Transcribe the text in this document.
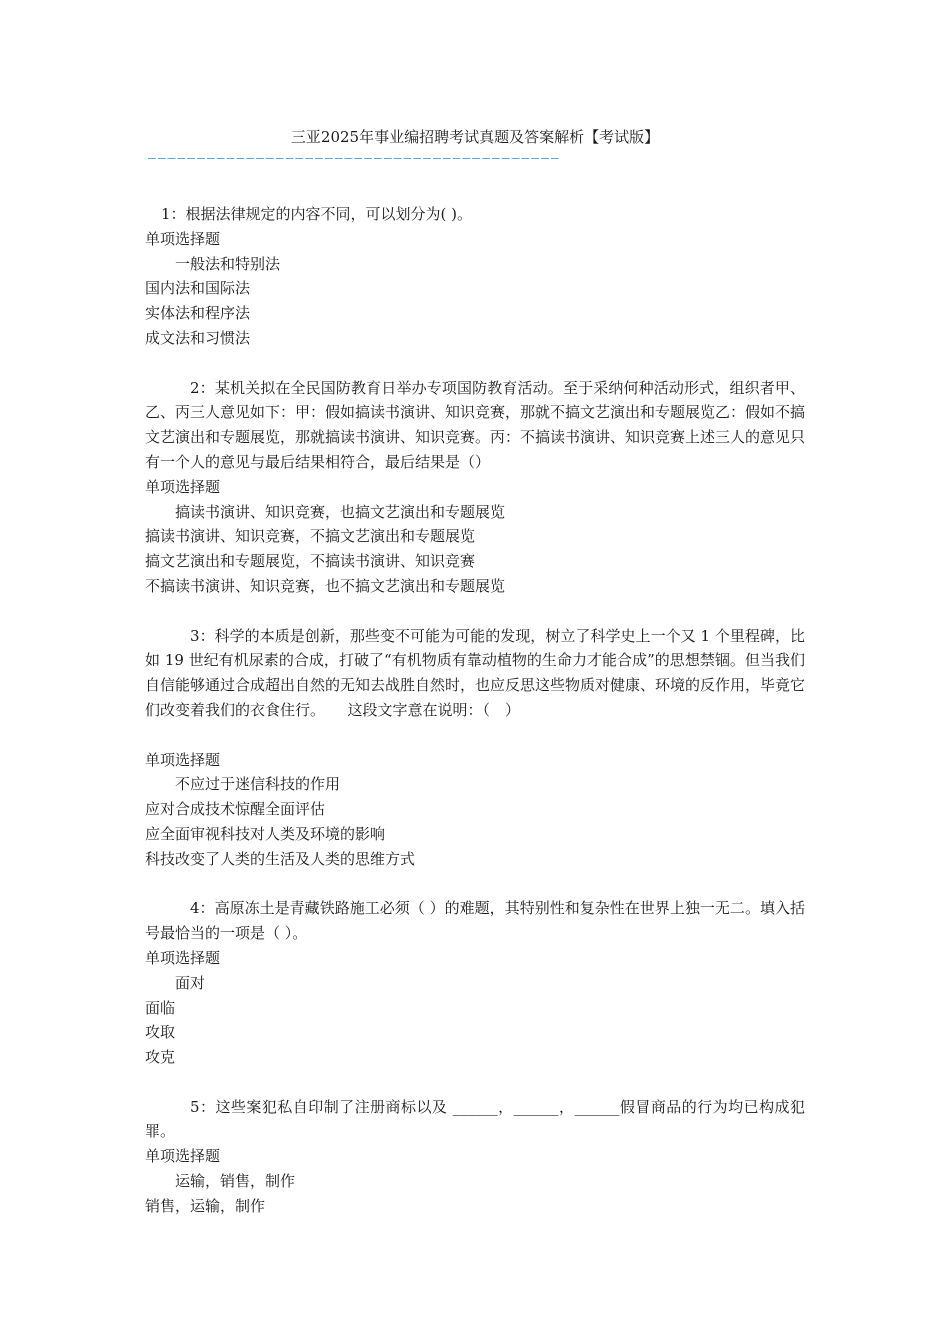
三亚2025年事业编招聘考试真题及答案解析【考试版】
——————————————————————————————————————————

1：根据法律规定的内容不同，可以划分为( )。

单项选择题

一般法和特别法

国内法和国际法

实体法和程序法

成文法和习惯法

2：某机关拟在全民国防教育日举办专项国防教育活动。至于采纳何种活动形式，组织者甲、乙、丙三人意见如下：甲：假如搞读书演讲、知识竞赛，那就不搞文艺演出和专题展览乙：假如不搞文艺演出和专题展览，那就搞读书演讲、知识竞赛。丙：不搞读书演讲、知识竞赛上述三人的意见只有一个人的意见与最后结果相符合，最后结果是（）

单项选择题

搞读书演讲、知识竞赛，也搞文艺演出和专题展览

搞读书演讲、知识竞赛，不搞文艺演出和专题展览

搞文艺演出和专题展览，不搞读书演讲、知识竞赛

不搞读书演讲、知识竞赛，也不搞文艺演出和专题展览

3：科学的本质是创新，那些变不可能为可能的发现，树立了科学史上一个又 1 个里程碑，比如 19 世纪有机尿素的合成，打破了“有机物质有靠动植物的生命力才能合成”的思想禁锢。但当我们自信能够通过合成超出自然的无知去战胜自然时，也应反思这些物质对健康、环境的反作用，毕竟它们改变着我们的衣食住行。　　这段文字意在说明：（　）

单项选择题

不应过于迷信科技的作用

应对合成技术惊醒全面评估

应全面审视科技对人类及环境的影响

科技改变了人类的生活及人类的思维方式

4：高原冻土是青藏铁路施工必须（ ）的难题，其特别性和复杂性在世界上独一无二。填入括号最恰当的一项是（ ）。

单项选择题

面对

面临

攻取

攻克

5：这些案犯私自印制了注册商标以及 ______，______，______假冒商品的行为均已构成犯罪。

单项选择题

运输，销售，制作

销售，运输，制作
